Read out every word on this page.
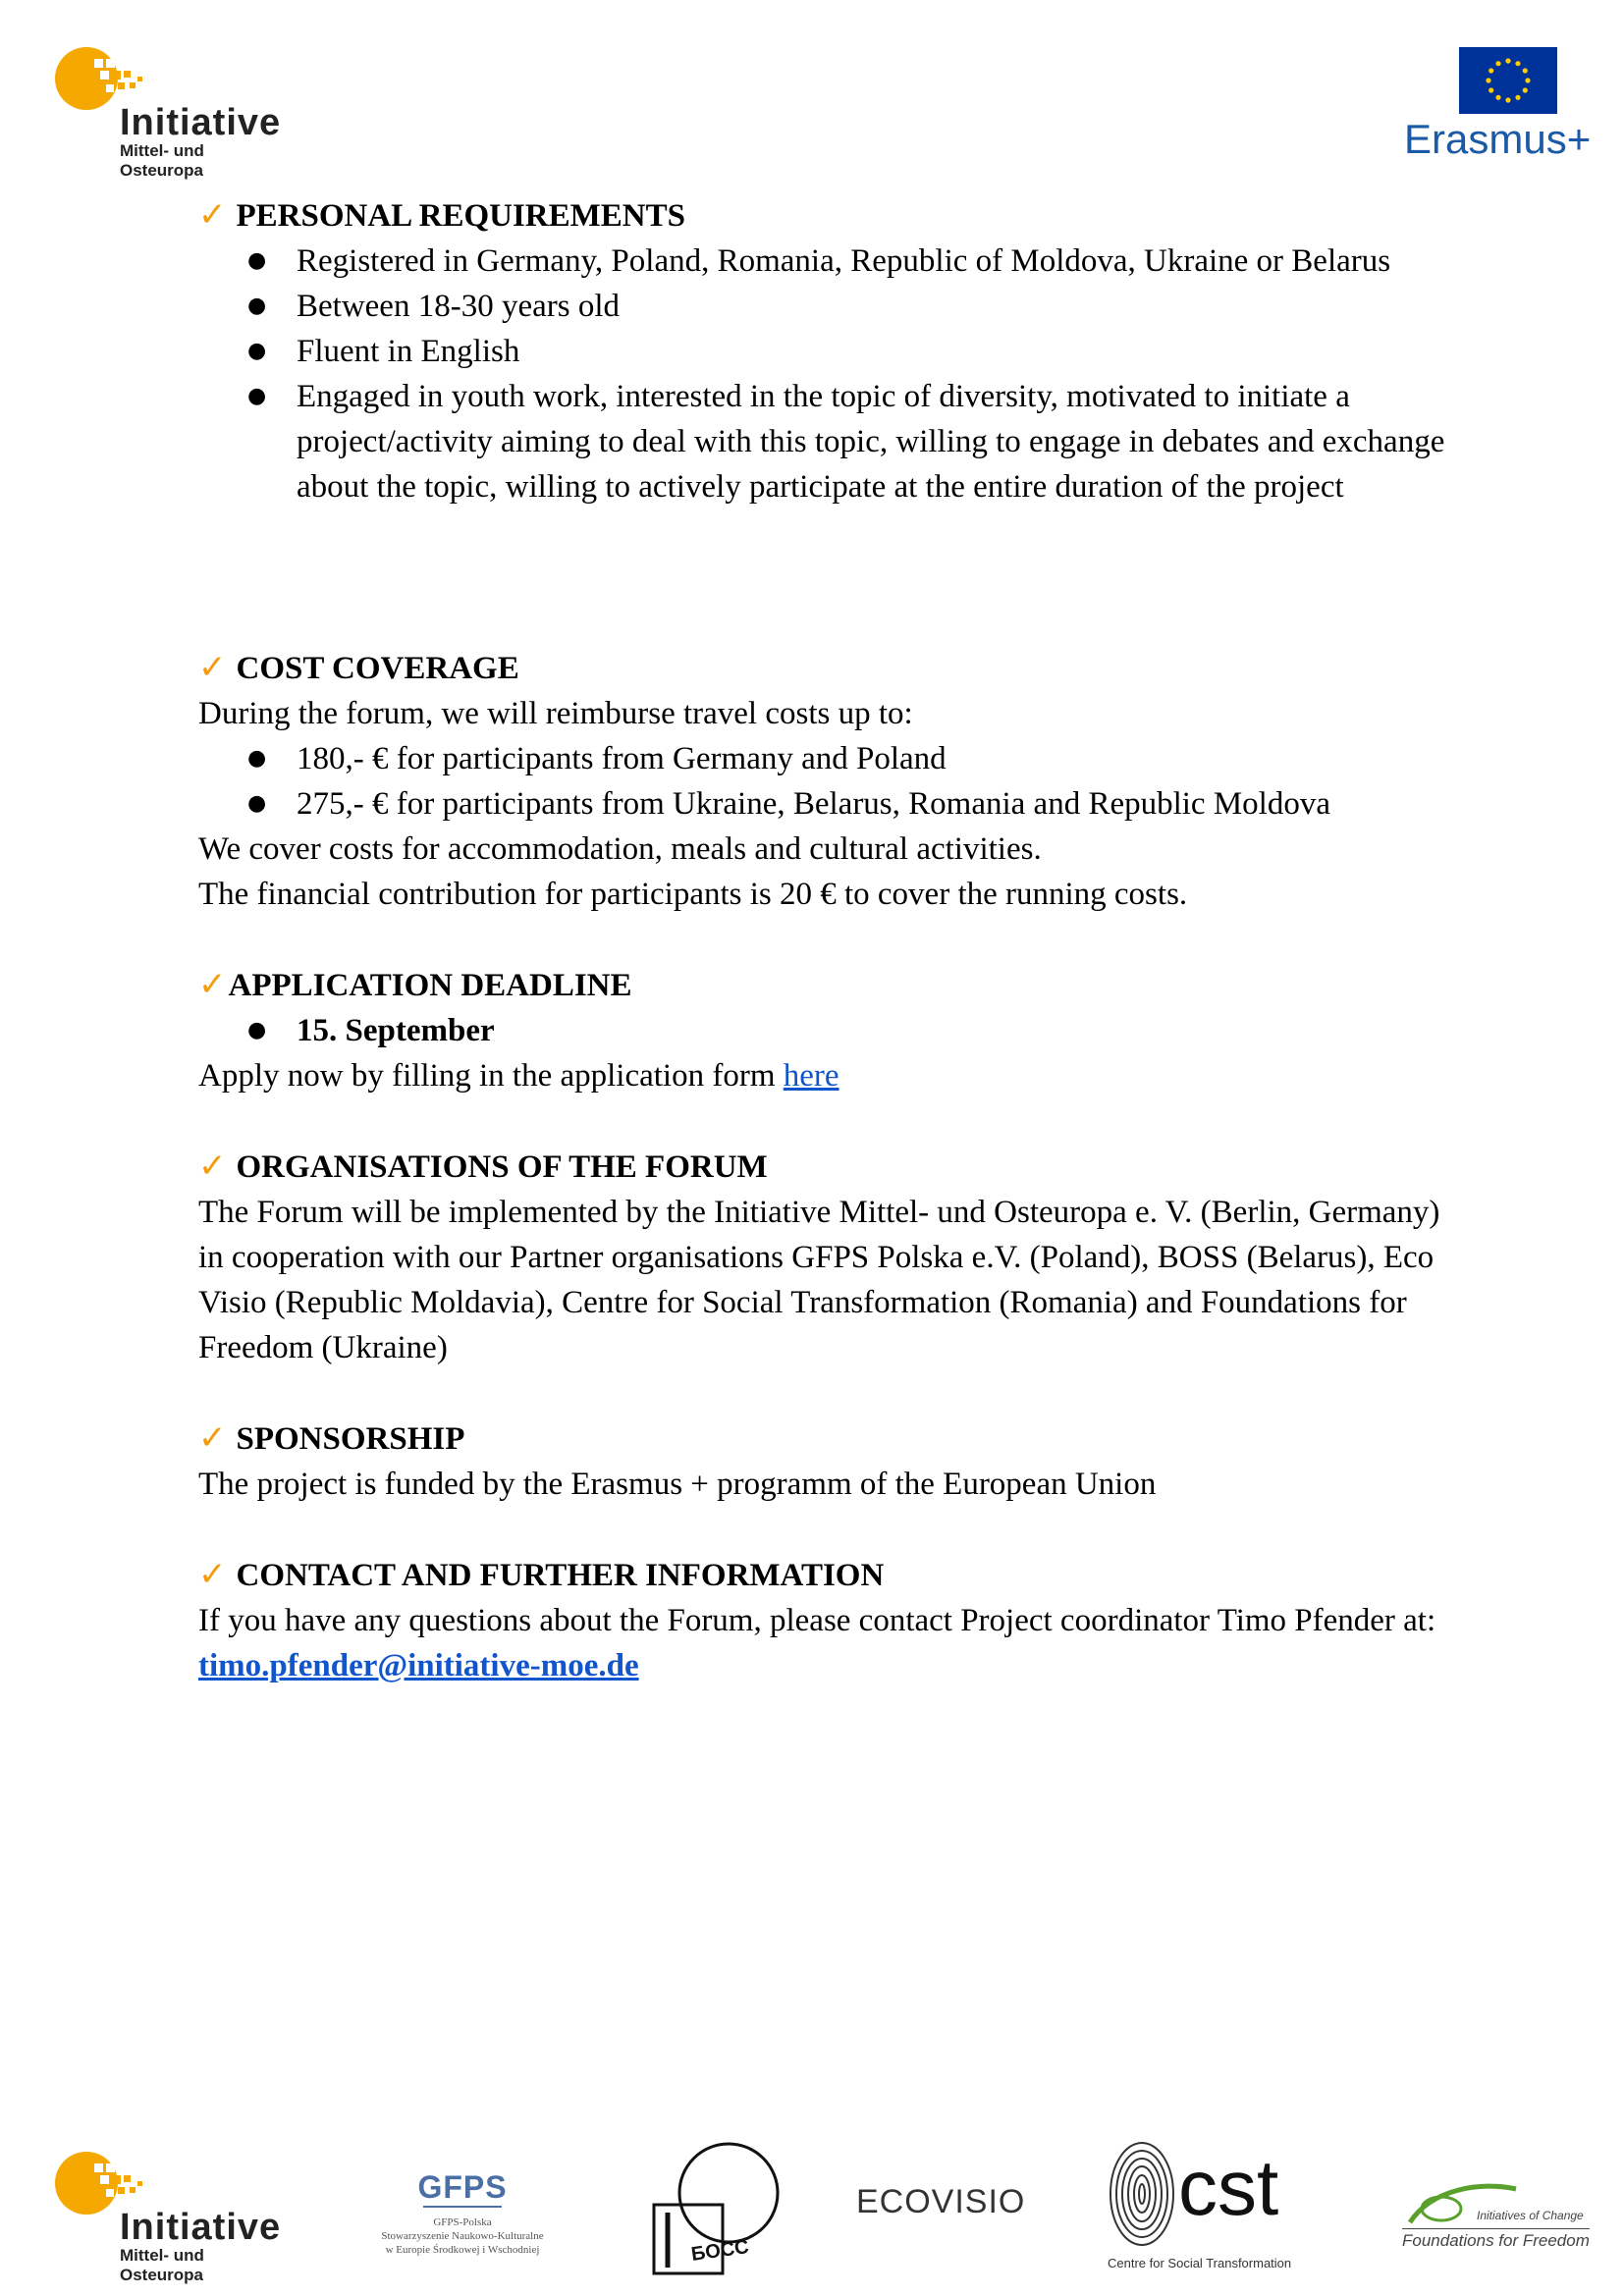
Initiative
Mittel- und Osteuropa
Erasmus+
✓ PERSONAL REQUIREMENTS
● Registered in Germany, Poland, Romania, Republic of Moldova, Ukraine or Belarus
● Between 18-30 years old
● Fluent in English
● Engaged in youth work, interested in the topic of diversity, motivated to initiate a project/activity aiming to deal with this topic, willing to engage in debates and exchange about the topic, willing to actively participate at the entire duration of the project
✓ COST COVERAGE
During the forum, we will reimburse travel costs up to:
● 180,- € for participants from Germany and Poland
● 275,- € for participants from Ukraine, Belarus, Romania and Republic Moldova
We cover costs for accommodation, meals and cultural activities.
The financial contribution for participants is 20 € to cover the running costs.
✓ APPLICATION DEADLINE
● 15. September
Apply now by filling in the application form here
✓ ORGANISATIONS OF THE FORUM
The Forum will be implemented by the Initiative Mittel- und Osteuropa e. V. (Berlin, Germany) in cooperation with our Partner organisations GFPS Polska e.V. (Poland), BOSS (Belarus), Eco Visio (Republic Moldavia), Centre for Social Transformation (Romania) and Foundations for Freedom (Ukraine)
✓ SPONSORSHIP
The project is funded by the Erasmus + programm of the European Union
✓ CONTACT AND FURTHER INFORMATION
If you have any questions about the Forum, please contact Project coordinator Timo Pfender at:
timo.pfender@initiative-moe.de
Initiative
Mittel- und Osteuropa
GFPS
GFPS-Polska
Stowarzyszenie Naukowo-Kulturalne
w Europie Środkowej i Wschodniej	БОСС
ECOVISIO cst
Centre for Social Transformation
Initiatives of Change
Foundations for Freedom
